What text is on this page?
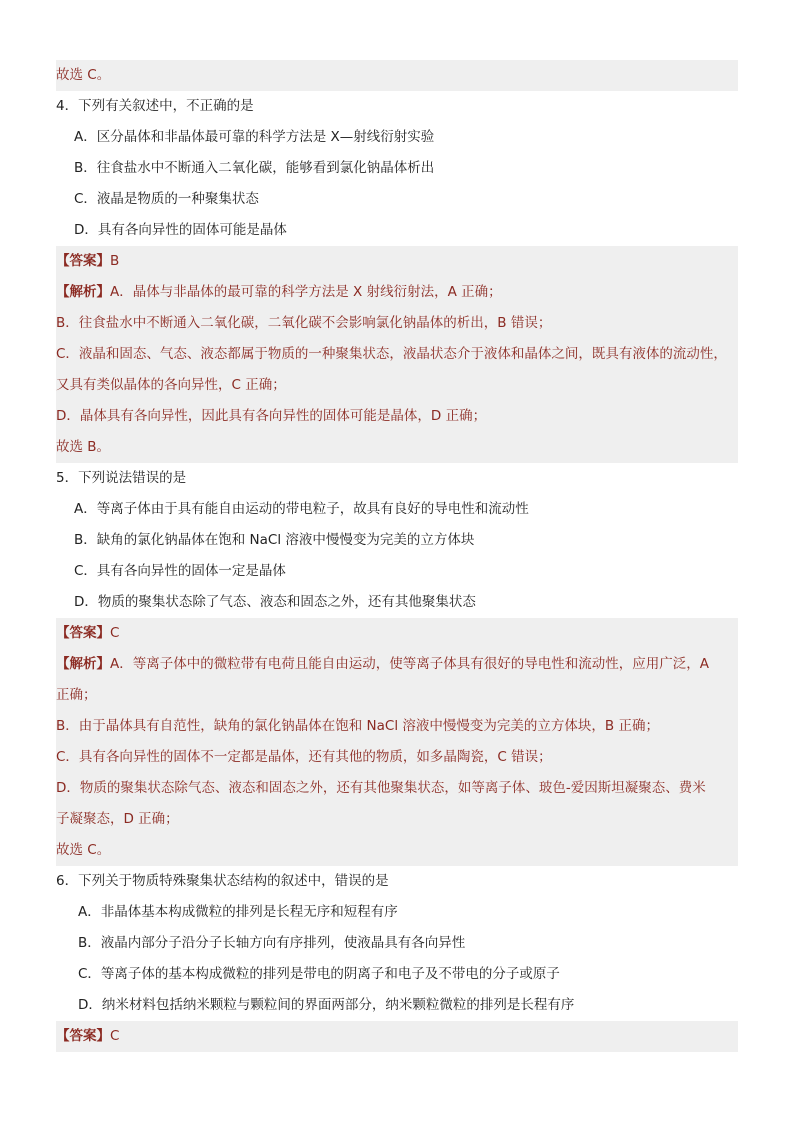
故选 C。
4．下列有关叙述中，不正确的是
A．区分晶体和非晶体最可靠的科学方法是 X—射线衍射实验
B．往食盐水中不断通入二氧化碳，能够看到氯化钠晶体析出
C．液晶是物质的一种聚集状态
D．具有各向异性的固体可能是晶体
【答案】B
【解析】A．晶体与非晶体的最可靠的科学方法是 X 射线衍射法，A 正确；
B．往食盐水中不断通入二氧化碳，二氧化碳不会影响氯化钠晶体的析出，B 错误；
C．液晶和固态、气态、液态都属于物质的一种聚集状态，液晶状态介于液体和晶体之间，既具有液体的流动性，
又具有类似晶体的各向异性，C 正确；
D．晶体具有各向异性，因此具有各向异性的固体可能是晶体，D 正确；
故选 B。
5．下列说法错误的是
A．等离子体由于具有能自由运动的带电粒子，故具有良好的导电性和流动性
B．缺角的氯化钠晶体在饱和 NaCl 溶液中慢慢变为完美的立方体块
C．具有各向异性的固体一定是晶体
D．物质的聚集状态除了气态、液态和固态之外，还有其他聚集状态
【答案】C
【解析】A．等离子体中的微粒带有电荷且能自由运动，使等离子体具有很好的导电性和流动性，应用广泛，A
正确；
B．由于晶体具有自范性，缺角的氯化钠晶体在饱和 NaCl 溶液中慢慢变为完美的立方体块，B 正确；
C．具有各向异性的固体不一定都是晶体，还有其他的物质，如多晶陶瓷，C 错误；
D．物质的聚集状态除气态、液态和固态之外，还有其他聚集状态，如等离子体、玻色-爱因斯坦凝聚态、费米
子凝聚态，D 正确；
故选 C。
6．下列关于物质特殊聚集状态结构的叙述中，错误的是
A．非晶体基本构成微粒的排列是长程无序和短程有序
B．液晶内部分子沿分子长轴方向有序排列，使液晶具有各向异性
C．等离子体的基本构成微粒的排列是带电的阴离子和电子及不带电的分子或原子
D．纳米材料包括纳米颗粒与颗粒间的界面两部分，纳米颗粒微粒的排列是长程有序
【答案】C
